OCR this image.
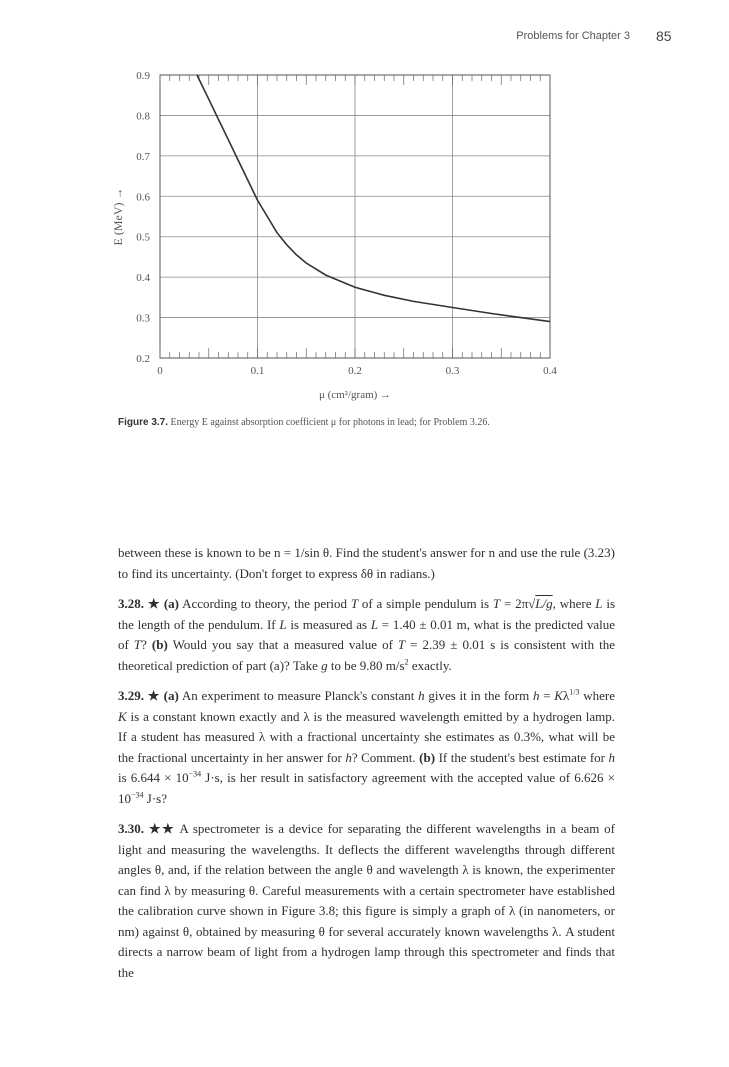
Problems for Chapter 3 85
0	0.1	0.2	0.3	0.4
0.9
0.8
0.7
0.6
0.5
0.4
0.3
0.2
μ (cm²/gram) →
E (MeV) →
Figure 3.7. Energy E against absorption coefficient μ for photons in lead; for Problem 3.26.

between these is known to be n = 1/sin θ. Find the student's answer for n and use the rule (3.23) to find its uncertainty. (Don't forget to express δθ in radians.)

3.28. ★ (a) According to theory, the period T of a simple pendulum is T = 2π√L/g, where L is the length of the pendulum. If L is measured as L = 1.40 ± 0.01 m, what is the predicted value of T? (b) Would you say that a measured value of T = 2.39 ± 0.01 s is consistent with the theoretical prediction of part (a)? Take g to be 9.80 $m/s^2$ exactly.

3.29. ★ (a) An experiment to measure Planck's constant h gives it in the form $h = K\lambda^{1/3}$ where K is a constant known exactly and λ is the measured wavelength emitted by a hydrogen lamp. If a student has measured λ with a fractional uncertainty she estimates as 0.3%, what will be the fractional uncertainty in her answer for h? Comment. (b) If the student's best estimate for h is $6.644 \times 10^{-34}$ J·s, is her result in satisfactory agreement with the accepted value of $6.626 \times 10^{-34}$ J·s?

3.30. ★★ A spectrometer is a device for separating the different wavelengths in a beam of light and measuring the wavelengths. It deflects the different wavelengths through different angles θ, and, if the relation between the angle θ and wavelength λ is known, the experimenter can find λ by measuring θ. Careful measurements with a certain spectrometer have established the calibration curve shown in Figure 3.8; this figure is simply a graph of λ (in nanometers, or nm) against θ, obtained by measuring θ for several accurately known wavelengths λ. A student directs a narrow beam of light from a hydrogen lamp through this spectrometer and finds that the
